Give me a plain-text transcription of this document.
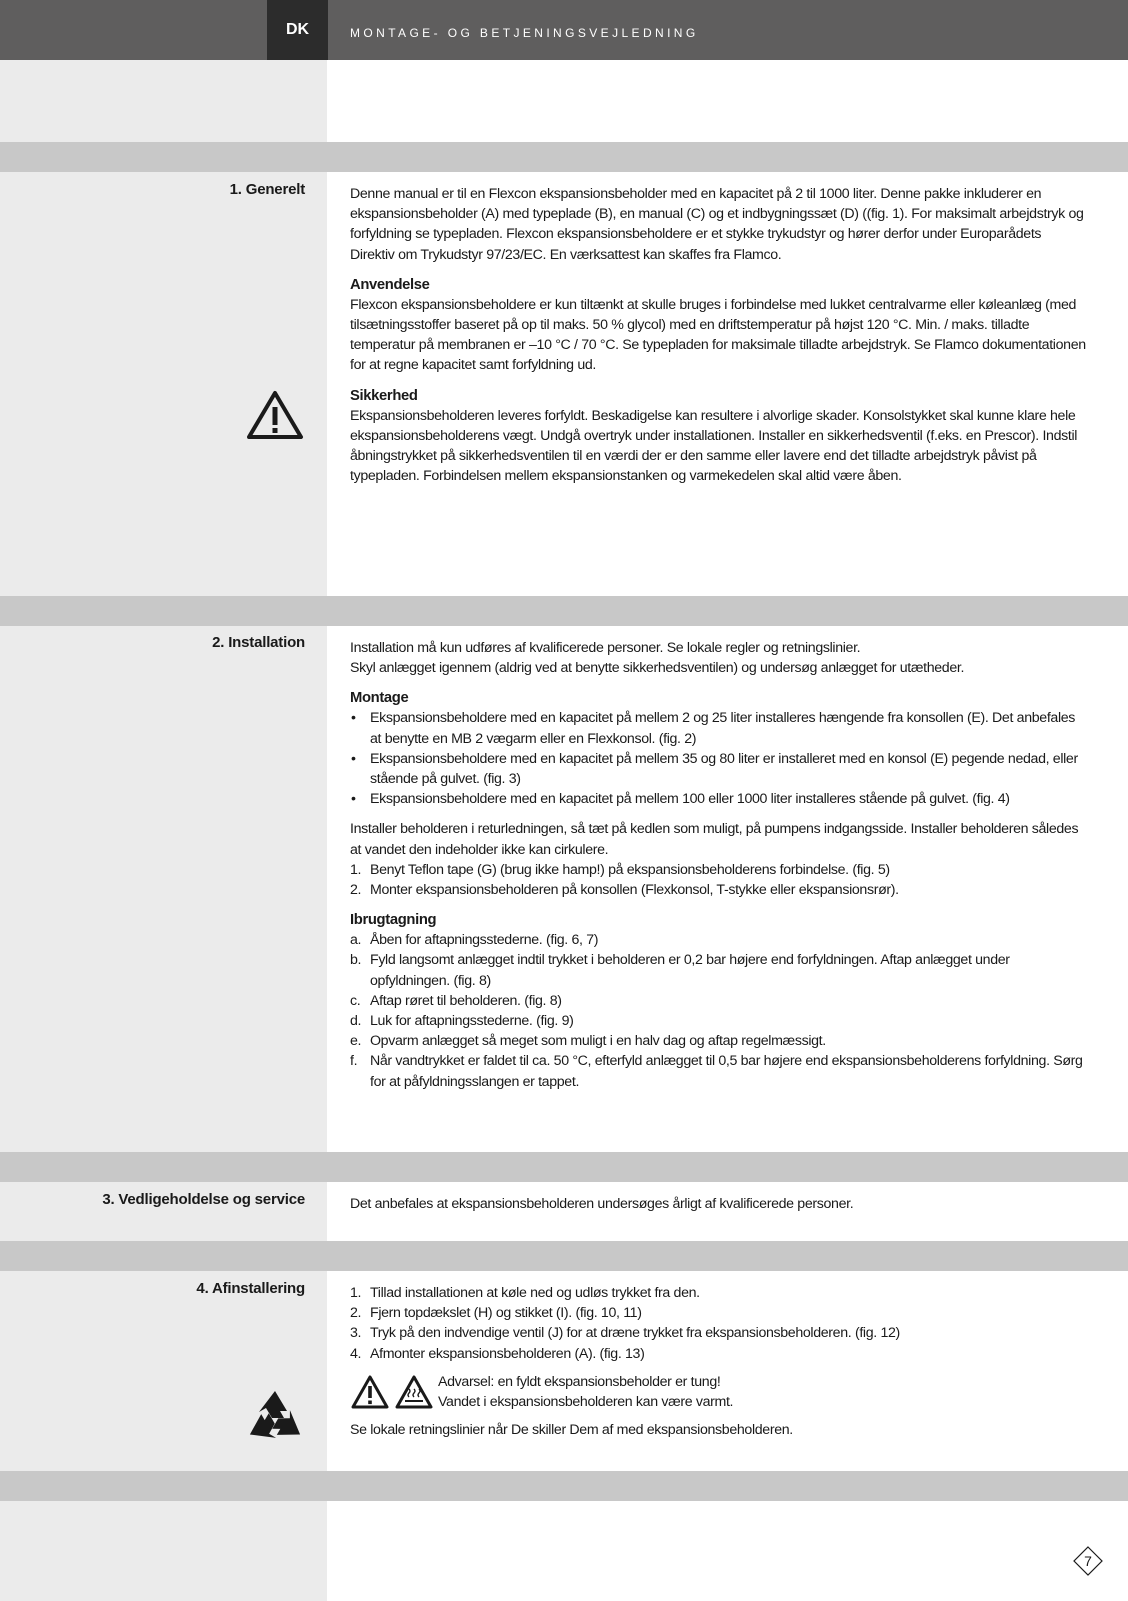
DK	MONTAGE- OG BETJENINGSVEJLEDNING
1. Generelt	Denne manual er til en Flexcon ekspansionsbeholder med en kapacitet på 2 til 1000 liter. Denne pakke inkluderer en ekspansionsbeholder (A) med typeplade (B), en manual (C) og et indbygningssæt (D) ((fig. 1). For maksimalt arbejdstryk og forfyldning se typepladen. Flexcon ekspansionsbeholdere er et stykke trykudstyr og hører derfor under Europarådets Direktiv om Trykudstyr 97/23/EC. En værksattest kan skaffes fra Flamco.

Anvendelse

Flexcon ekspansionsbeholdere er kun tiltænkt at skulle bruges i forbindelse med lukket centralvarme eller køleanlæg (med tilsætningsstoffer baseret på op til maks. 50 % glycol) med en driftstemperatur på højst 120 °C. Min. / maks. tilladte temperatur på membranen er –10 °C / 70 °C. Se typepladen for maksimale tilladte arbejdstryk. Se Flamco dokumentationen for at regne kapacitet samt forfyldning ud.

Sikkerhed

Ekspansionsbeholderen leveres forfyldt. Beskadigelse kan resultere i alvorlige skader. Konsolstykket skal kunne klare hele ekspansionsbeholderens vægt. Undgå overtryk under installationen. Installer en sikkerhedsventil (f.eks. en Prescor). Indstil åbningstrykket på sikkerhedsventilen til en værdi der er den samme eller lavere end det tilladte arbejdstryk påvist på typepladen. Forbindelsen mellem ekspansionstanken og varmekedelen skal altid være åben.

2. Installation	Installation må kun udføres af kvalificerede personer. Se lokale regler og retningslinier.

Skyl anlægget igennem (aldrig ved at benytte sikkerhedsventilen) og undersøg anlægget for utætheder.

Montage
• Ekspansionsbeholdere med en kapacitet på mellem 2 og 25 liter installeres hængende fra konsollen (E). Det anbefales at benytte en MB 2 vægarm eller en Flexkonsol. (fig. 2)
• Ekspansionsbeholdere med en kapacitet på mellem 35 og 80 liter er installeret med en konsol (E) pegende nedad, eller stående på gulvet. (fig. 3)
• Ekspansionsbeholdere med en kapacitet på mellem 100 eller 1000 liter installeres stående på gulvet. (fig. 4)

Installer beholderen i returledningen, så tæt på kedlen som muligt, på pumpens indgangsside. Installer beholderen således at vandet den indeholder ikke kan cirkulere.

1. Benyt Teflon tape (G) (brug ikke hamp!) på ekspansionsbeholderens forbindelse. (fig. 5)
2. Monter ekspansionsbeholderen på konsollen (Flexkonsol, T-stykke eller ekspansionsrør).
Ibrugtagning
a. Åben for aftapningsstederne. (fig. 6, 7)
b. Fyld langsomt anlægget indtil trykket i beholderen er 0,2 bar højere end forfyldningen. Aftap anlægget under opfyldningen. (fig. 8)
c. Aftap røret til beholderen. (fig. 8)
d. Luk for aftapningsstederne. (fig. 9)
e. Opvarm anlægget så meget som muligt i en halv dag og aftap regelmæssigt.
f. Når vandtrykket er faldet til ca. 50 °C, efterfyld anlægget til 0,5 bar højere end ekspansionsbeholderens forfyldning. Sørg for at påfyldningsslangen er tappet.
3. Vedligeholdelse og service	Det anbefales at ekspansionsbeholderen undersøges årligt af kvalificerede personer.

4. Afinstallering	1. Tillad installationen at køle ned og udløs trykket fra den.
2. Fjern topdækslet (H) og stikket (I). (fig. 10, 11)
3. Tryk på den indvendige ventil (J) for at dræne trykket fra ekspansionsbeholderen. (fig. 12)
4. Afmonter ekspansionsbeholderen (A). (fig. 13)

Advarsel: en fyldt ekspansionsbeholder er tung!

Vandet i ekspansionsbeholderen kan være varmt.

Se lokale retningslinier når De skiller Dem af med ekspansionsbeholderen.

7
